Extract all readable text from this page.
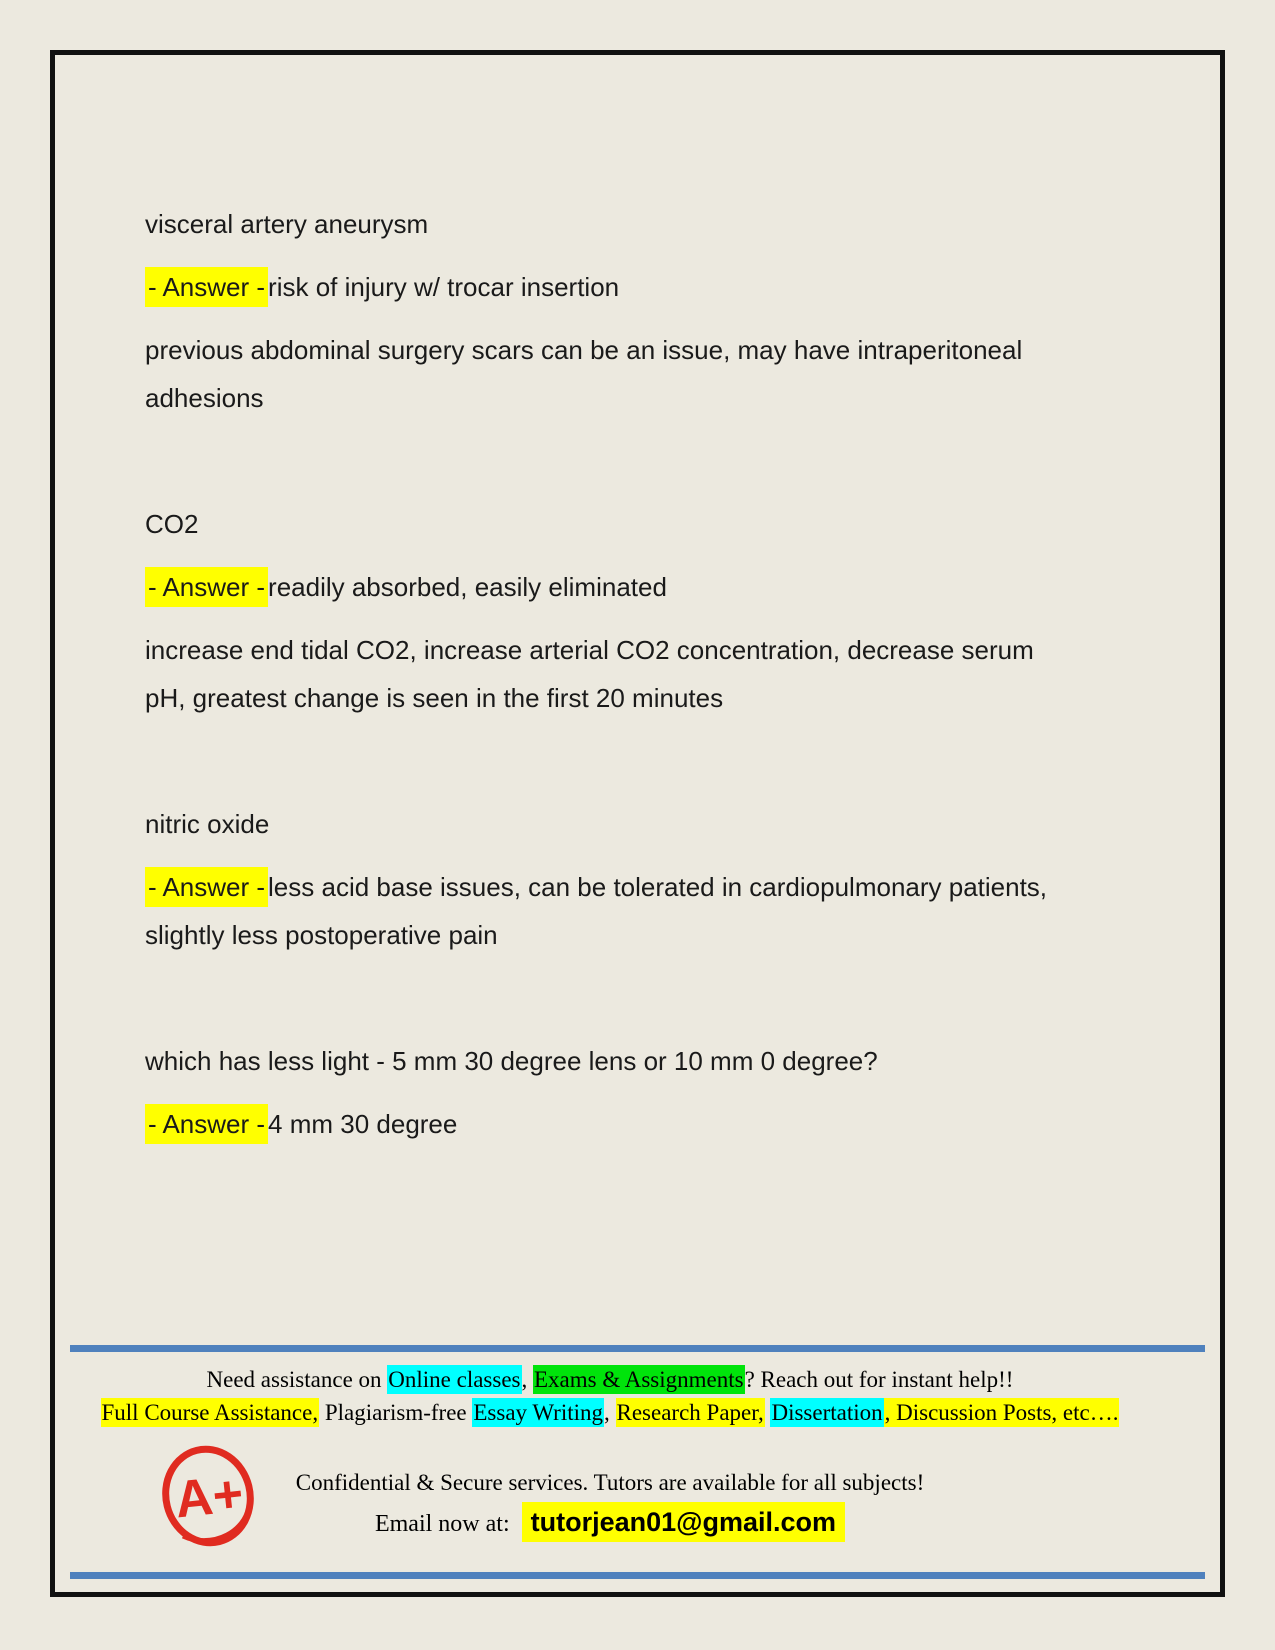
visceral artery aneurysm

- Answer - risk of injury w/ trocar insertion

previous abdominal surgery scars can be an issue, may have intraperitoneal adhesions

CO2

- Answer - readily absorbed, easily eliminated

increase end tidal CO2, increase arterial CO2 concentration, decrease serum pH, greatest change is seen in the first 20 minutes

nitric oxide

- Answer - less acid base issues, can be tolerated in cardiopulmonary patients, slightly less postoperative pain

which has less light - 5 mm 30 degree lens or 10 mm 0 degree?

- Answer - 4 mm 30 degree

Need assistance on Online classes, Exams & Assignments? Reach out for instant help!!
Full Course Assistance, Plagiarism-free Essay Writing, Research Paper, Dissertation, Discussion Posts, etc….
A+	Confidential & Secure services. Tutors are available for all subjects!
Email now at: tutorjean01@gmail.com
